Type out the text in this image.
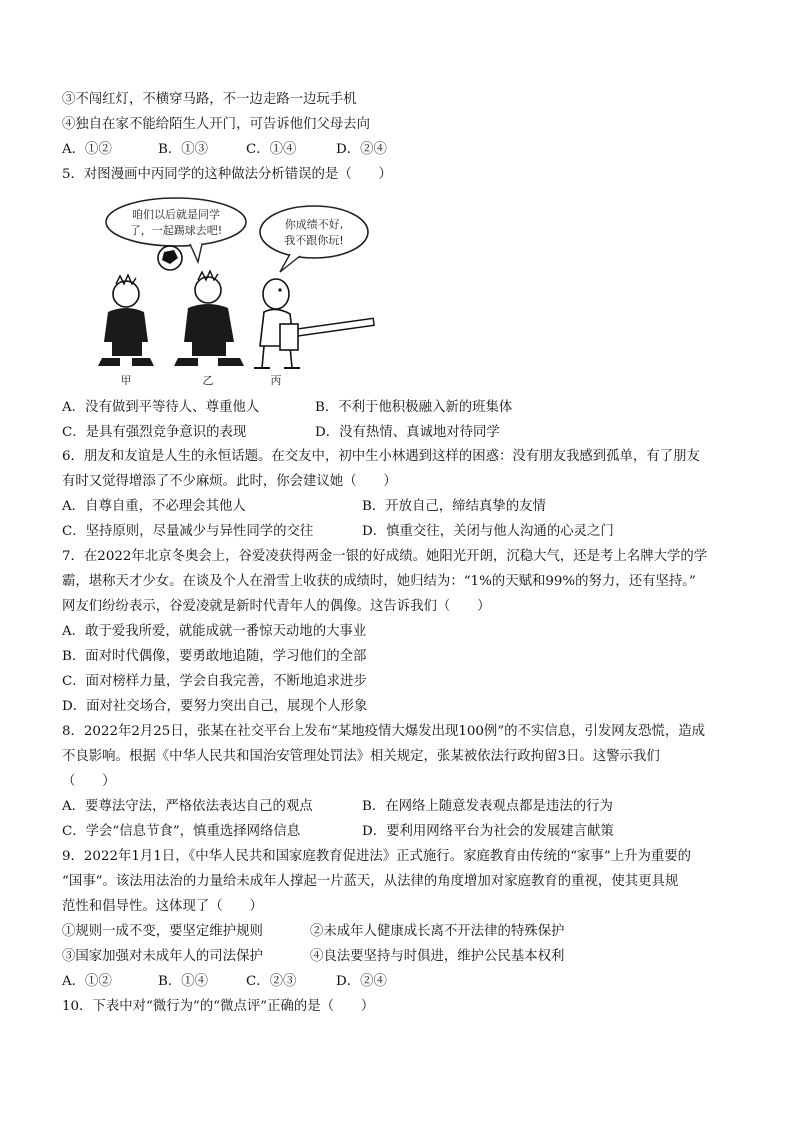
③不闯红灯，不横穿马路，不一边走路一边玩手机
④独自在家不能给陌生人开门，可告诉他们父母去向
A．①②	B．①③	C．①④	D．②④
5．对图漫画中丙同学的这种做法分析错误的是（　　）
咱们以后就是同学
了，一起踢球去吧!	你成绩不好,
我不跟你玩!
甲	乙	丙
A．没有做到平等待人、尊重他人	B．不利于他积极融入新的班集体
C．是具有强烈竞争意识的表现	D．没有热情、真诚地对待同学
6．朋友和友谊是人生的永恒话题。在交友中，初中生小林遇到这样的困惑：没有朋友我感到孤单，有了朋友
有时又觉得增添了不少麻烦。此时，你会建议她（　　）
A．自尊自重，不必理会其他人	B．开放自己，缔结真挚的友情
C．坚持原则，尽量减少与异性同学的交往	D．慎重交往，关闭与他人沟通的心灵之门
7．在2022年北京冬奥会上，谷爱凌获得两金一银的好成绩。她阳光开朗，沉稳大气，还是考上名牌大学的学
霸，堪称天才少女。在谈及个人在滑雪上收获的成绩时，她归结为：“1%的天赋和99%的努力，还有坚持。”
网友们纷纷表示，谷爱凌就是新时代青年人的偶像。这告诉我们（　　）
A．敢于爱我所爱，就能成就一番惊天动地的大事业
B．面对时代偶像，要勇敢地追随，学习他们的全部
C．面对榜样力量，学会自我完善，不断地追求进步
D．面对社交场合，要努力突出自己，展现个人形象
8．2022年2月25日，张某在社交平台上发布“某地疫情大爆发出现100例”的不实信息，引发网友恐慌，造成
不良影响。根据《中华人民共和国治安管理处罚法》相关规定，张某被依法行政拘留3日。这警示我们
（　　）
A．要尊法守法，严格依法表达自己的观点	B．在网络上随意发表观点都是违法的行为
C．学会“信息节食”，慎重选择网络信息	D．要利用网络平台为社会的发展建言献策
9．2022年1月1日，《中华人民共和国家庭教育促进法》正式施行。家庭教育由传统的“家事”上升为重要的
“国事”。该法用法治的力量给未成年人撑起一片蓝天，从法律的角度增加对家庭教育的重视，使其更具规
范性和倡导性。这体现了（　　）
①规则一成不变，要坚定维护规则	②未成年人健康成长离不开法律的特殊保护
③国家加强对未成年人的司法保护	④良法要坚持与时俱进，维护公民基本权利
A．①②	B．①④	C．②③	D．②④
10．下表中对“微行为”的“微点评”正确的是（　　）
